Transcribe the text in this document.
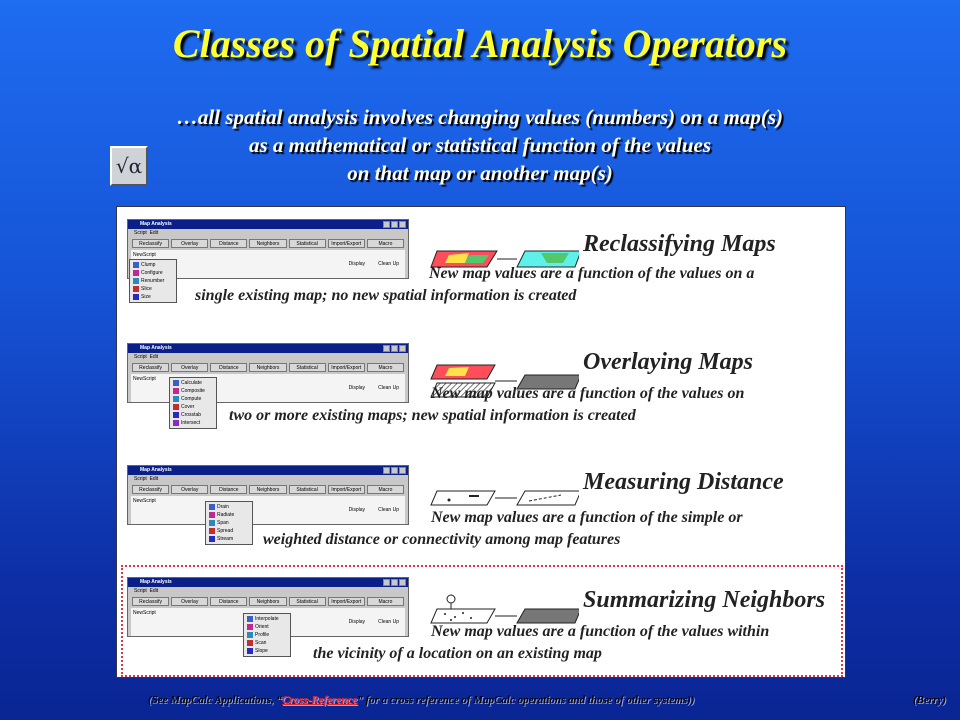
Classes of Spatial Analysis Operators
…all spatial analysis involves changing values (numbers) on a map(s)
as a mathematical or statistical function of the values
on that map or another map(s)
√α
Map Analysis
Script Edit
Reclassify	Overlay	Distance	Neighbors	Statistical	Import/Export	Macro
NewScript
Display	Clean Up
Clump
Configure
Renumber
Slice
Size
Reclassifying Maps
New map values are a function of the values on a
single existing map; no new spatial information is created
Map Analysis
Script Edit
Reclassify	Overlay	Distance	Neighbors	Statistical	Import/Export	Macro
NewScript
Display	Clean Up
Calculate
Composite
Compute
Cover
Crosstab
Intersect
Overlaying Maps
New map values are a function of the values on
two or more existing maps; new spatial information is created
Map Analysis
Script Edit
Reclassify	Overlay	Distance	Neighbors	Statistical	Import/Export	Macro
NewScript
Display	Clean Up
Drain
Radiate
Span
Spread
Stream
Measuring Distance
New map values are a function of the simple or
weighted distance or connectivity among map features
Map Analysis
Script Edit
Reclassify	Overlay	Distance	Neighbors	Statistical	Import/Export	Macro
NewScript
Display	Clean Up
Interpolate
Orient
Profile
Scan
Slope
Summarizing Neighbors
New map values are a function of the values within
the vicinity of a location on an existing map
(See MapCalc Applications, “Cross-Reference” for a cross reference of MapCalc operations and those of other systems))	(Berry)
